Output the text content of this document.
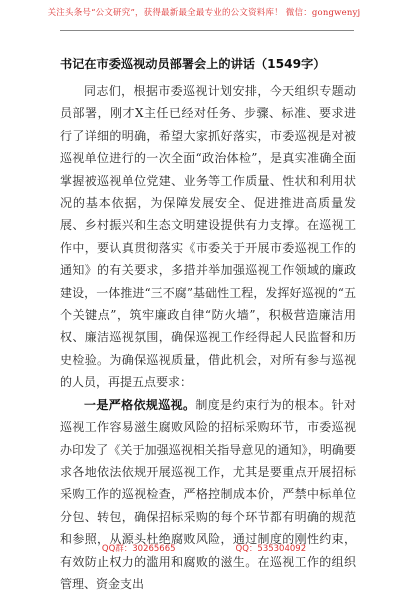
关注头条号“公文研究”，获得最新最全最专业的公文资料库！ 微信：gongwenyj
书记在市委巡视动员部署会上的讲话（1549字）

同志们，根据市委巡视计划安排，今天组织专题动员部署，刚才X主任已经对任务、步骤、标准、要求进行了详细的明确，希望大家抓好落实，市委巡视是对被巡视单位进行的一次全面“政治体检”，是真实准确全面掌握被巡视单位党建、业务等工作质量、性状和利用状况的基本依据，为保障发展安全、促进推进高质量发展、乡村振兴和生态文明建设提供有力支撑。在巡视工作中，要认真贯彻落实《市委关于开展市委巡视工作的通知》的有关要求，多措并举加强巡视工作领域的廉政建设，一体推进“三不腐”基础性工程，发挥好巡视的“五个关键点”，筑牢廉政自律“防火墙”，积极营造廉洁用权、廉洁巡视氛围，确保巡视工作经得起人民监督和历史检验。为确保巡视质量，借此机会，对所有参与巡视的人员，再提五点要求：

一是严格依规巡视。制度是约束行为的根本。针对巡视工作容易滋生腐败风险的招标采购环节，市委巡视办印发了《关于加强巡视相关指导意见的通知》，明确要求各地依法依规开展巡视工作，尤其是要重点开展招标采购工作的巡视检查，严格控制成本价，严禁中标单位分包、转包，确保招标采购的每个环节都有明确的规范和参照，从源头杜绝腐败风险，通过制度的刚性约束，有效防止权力的滥用和腐败的滋生。在巡视工作的组织管理、资金支出

QQ群：30265665	QQ：535304092
